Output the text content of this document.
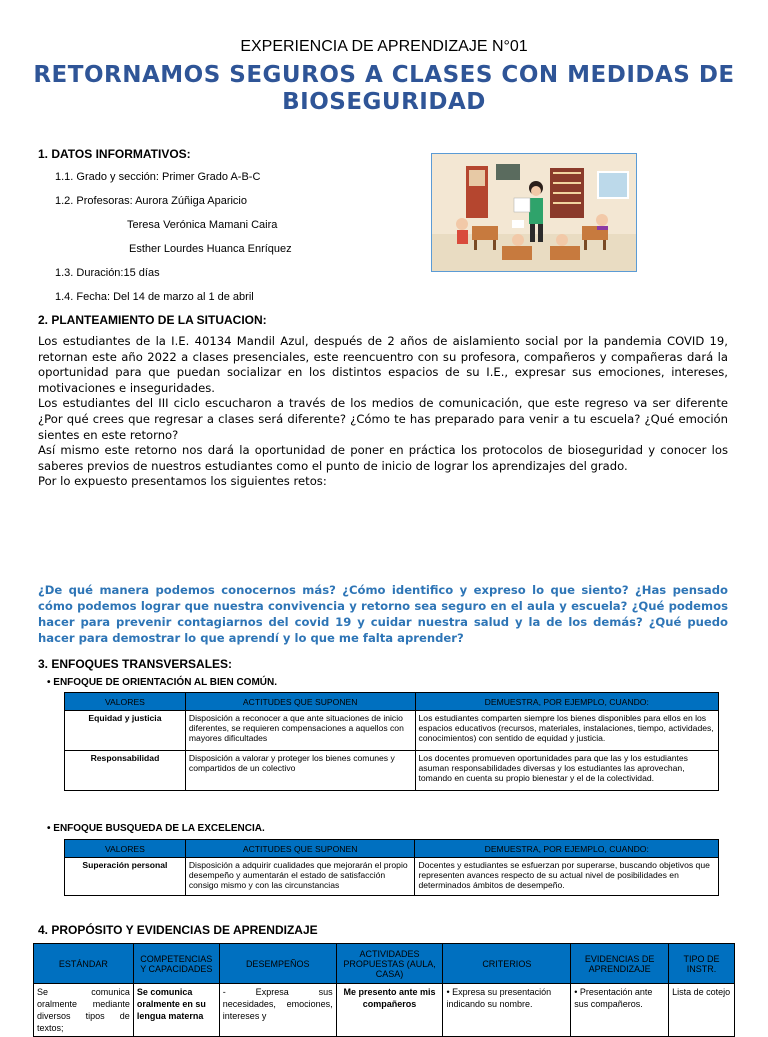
EXPERIENCIA DE APRENDIZAJE N°01
RETORNAMOS SEGUROS A CLASES CON MEDIDAS DE BIOSEGURIDAD
1. DATOS INFORMATIVOS:
1.1. Grado y sección: Primer Grado A-B-C
1.2. Profesoras: Aurora Zúñiga Aparicio
Teresa Verónica Mamani Caira
Esther Lourdes Huanca Enríquez
1.3. Duración:15 días
1.4. Fecha: Del 14 de marzo al 1 de abril
2. PLANTEAMIENTO DE LA SITUACION:

Los estudiantes de la I.E. 40134 Mandil Azul, después de 2 años de aislamiento social por la pandemia COVID 19, retornan este año 2022 a clases presenciales, este reencuentro con su profesora, compañeros y compañeras dará la oportunidad para que puedan socializar en los distintos espacios de su I.E., expresar sus emociones, intereses, motivaciones e inseguridades.

Los estudiantes del III ciclo escucharon a través de los medios de comunicación, que este regreso va ser diferente ¿Por qué crees que regresar a clases será diferente? ¿Cómo te has preparado para venir a tu escuela? ¿Qué emoción sientes en este retorno?

Así mismo este retorno nos dará la oportunidad de poner en práctica los protocolos de bioseguridad y conocer los saberes previos de nuestros estudiantes como el punto de inicio de lograr los aprendizajes del grado.

Por lo expuesto presentamos los siguientes retos:

¿De qué manera podemos conocernos más? ¿Cómo identifico y expreso lo que siento? ¿Has pensado cómo podemos lograr que nuestra convivencia y retorno sea seguro en el aula y escuela? ¿Qué podemos hacer para prevenir contagiarnos del covid 19 y cuidar nuestra salud y la de los demás? ¿Qué puedo hacer para demostrar lo que aprendí y lo que me falta aprender?
3. ENFOQUES TRANSVERSALES:
• ENFOQUE DE ORIENTACIÓN AL BIEN COMÚN.
VALORES	ACTITUDES QUE SUPONEN	DEMUESTRA, POR EJEMPLO, CUANDO:
Equidad y justicia	Disposición a reconocer a que ante situaciones de inicio diferentes, se requieren compensaciones a aquellos con mayores dificultades	Los estudiantes comparten siempre los bienes disponibles para ellos en los espacios educativos (recursos, materiales, instalaciones, tiempo, actividades, conocimientos) con sentido de equidad y justicia.
Responsabilidad	Disposición a valorar y proteger los bienes comunes y compartidos de un colectivo	Los docentes promueven oportunidades para que las y los estudiantes asuman responsabilidades diversas y los estudiantes las aprovechan, tomando en cuenta su propio bienestar y el de la colectividad.
• ENFOQUE BUSQUEDA DE LA EXCELENCIA.
VALORES	ACTITUDES QUE SUPONEN	DEMUESTRA, POR EJEMPLO, CUANDO:
Superación personal	Disposición a adquirir cualidades que mejorarán el propio desempeño y aumentarán el estado de satisfacción consigo mismo y con las circunstancias	Docentes y estudiantes se esfuerzan por superarse, buscando objetivos que representen avances respecto de su actual nivel de posibilidades en determinados ámbitos de desempeño.
4. PROPÓSITO Y EVIDENCIAS DE APRENDIZAJE
ESTÁNDAR	COMPETENCIAS Y CAPACIDADES	DESEMPEÑOS	ACTIVIDADES PROPUESTAS (AULA, CASA)	CRITERIOS	EVIDENCIAS DE APRENDIZAJE	TIPO DE INSTR.
Se comunica oralmente mediante diversos tipos de textos;	Se comunica oralmente en su lengua materna	- Expresa sus necesidades, emociones, intereses y	Me presento ante mis compañeros	• Expresa su presentación indicando su nombre.	• Presentación ante sus compañeros.	Lista de cotejo
